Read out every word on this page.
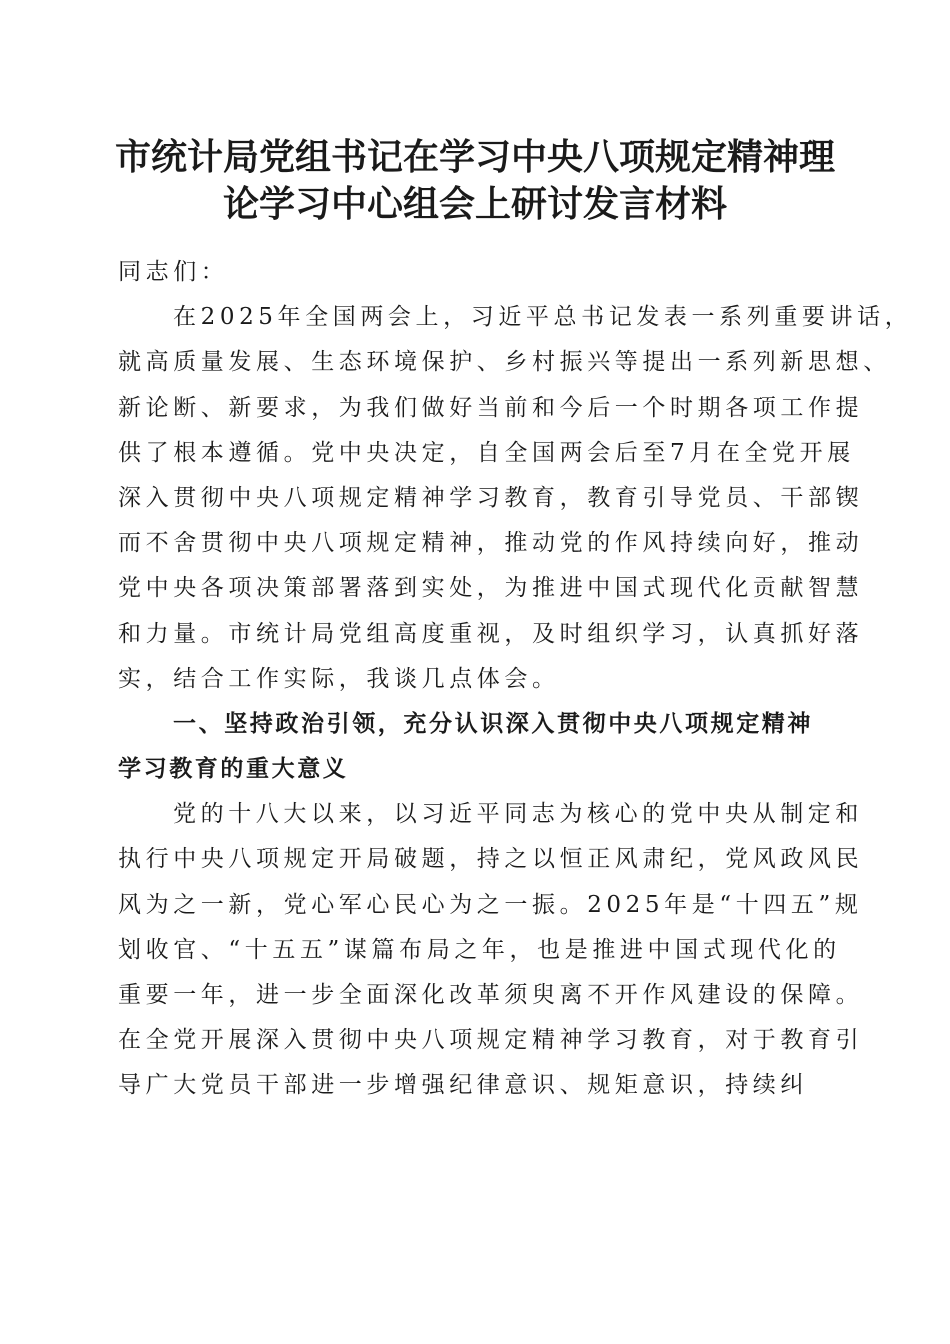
市统计局党组书记在学习中央八项规定精神理
论学习中心组会上研讨发言材料
同志们：
在2025年全国两会上，习近平总书记发表一系列重要讲话，
就高质量发展、生态环境保护、乡村振兴等提出一系列新思想、
新论断、新要求，为我们做好当前和今后一个时期各项工作提
供了根本遵循。党中央决定，自全国两会后至7月在全党开展
深入贯彻中央八项规定精神学习教育，教育引导党员、干部锲
而不舍贯彻中央八项规定精神，推动党的作风持续向好，推动
党中央各项决策部署落到实处，为推进中国式现代化贡献智慧
和力量。市统计局党组高度重视，及时组织学习，认真抓好落
实，结合工作实际，我谈几点体会。
一、坚持政治引领，充分认识深入贯彻中央八项规定精神
学习教育的重大意义
党的十八大以来，以习近平同志为核心的党中央从制定和
执行中央八项规定开局破题，持之以恒正风肃纪，党风政风民
风为之一新，党心军心民心为之一振。2025年是“十四五”规
划收官、“十五五”谋篇布局之年，也是推进中国式现代化的
重要一年，进一步全面深化改革须臾离不开作风建设的保障。
在全党开展深入贯彻中央八项规定精神学习教育，对于教育引
导广大党员干部进一步增强纪律意识、规矩意识，持续纠
